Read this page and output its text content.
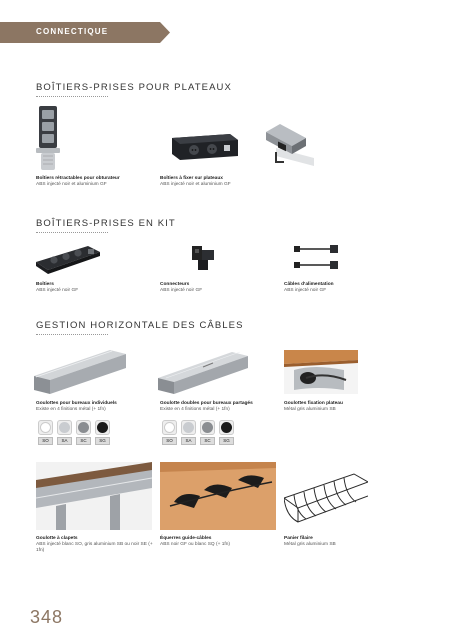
CONNECTIQUE
BOÎTIERS-PRISES POUR PLATEAUX
Boîtiers rétractables pour obturateur
ABS injecté noir et aluminium GF
Boîtiers à fixer sur plateaux
ABS injecté noir et aluminium GF
BOÎTIERS-PRISES EN KIT
Boîtiers
ABS injecté noir GF
Connecteurs
ABS injecté noir GF
Câbles d’alimentation
ABS injecté noir GF
GESTION HORIZONTALE DES CÂBLES
Goulottes pour bureaux individuels
Existe en 4 finitions métal (+ 1fn)
SO	SA	SC	SG
Goulotte doubles pour bureaux partagés
Existe en 4 finitions métal (+ 1fn)
SO	SA	SC	SG
Goulottes fixation plateau
Métal gris aluminium SB
Goulotte à clapets
ABS injecté blanc SO, gris aluminium SB ou noir SE (+ 1fn)
Équerres guide-câbles
ABS noir GF ou blanc SQ (+ 1fn)
Panier filaire
Métal gris aluminium SB
348
